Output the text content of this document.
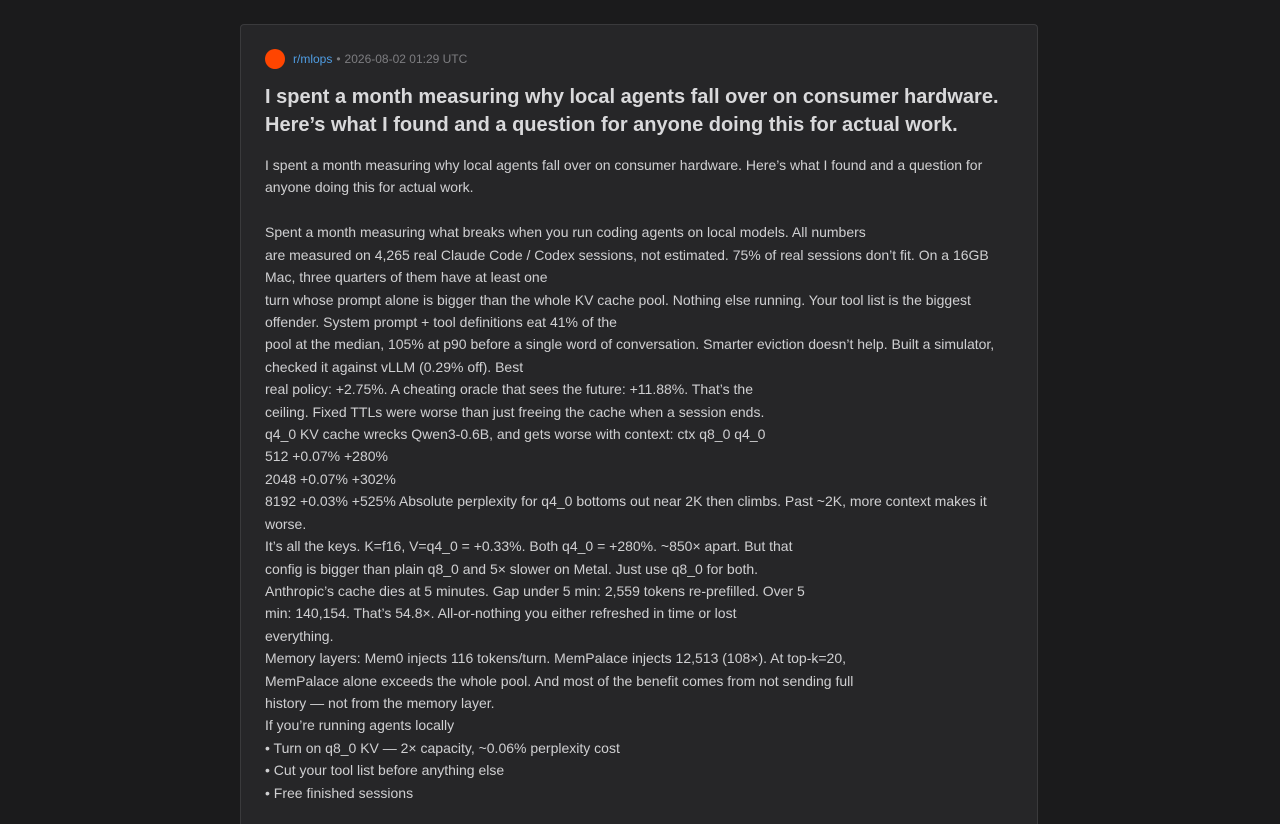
r/mlops • 2026-08-02 01:29 UTC
I spent a month measuring why local agents fall over on consumer hardware. Here’s what I found and a question for anyone doing this for actual work.

I spent a month measuring why local agents fall over on consumer hardware. Here’s what I found and a question for anyone doing this for actual work.

Spent a month measuring what breaks when you run coding agents on local models. All numbers

are measured on 4,265 real Claude Code / Codex sessions, not estimated. 75% of real sessions don’t fit. On a 16GB Mac, three quarters of them have at least one

turn whose prompt alone is bigger than the whole KV cache pool. Nothing else running. Your tool list is the biggest offender. System prompt + tool definitions eat 41% of the

pool at the median, 105% at p90 before a single word of conversation. Smarter eviction doesn’t help. Built a simulator, checked it against vLLM (0.29% off). Best

real policy: +2.75%. A cheating oracle that sees the future: +11.88%. That’s the

ceiling. Fixed TTLs were worse than just freeing the cache when a session ends.

q4_0 KV cache wrecks Qwen3-0.6B, and gets worse with context: ctx q8_0 q4_0

512 +0.07% +280%

2048 +0.07% +302%

8192 +0.03% +525% Absolute perplexity for q4_0 bottoms out near 2K then climbs. Past ~2K, more context makes it worse.

It’s all the keys. K=f16, V=q4_0 = +0.33%. Both q4_0 = +280%. ~850× apart. But that

config is bigger than plain q8_0 and 5× slower on Metal. Just use q8_0 for both.

Anthropic’s cache dies at 5 minutes. Gap under 5 min: 2,559 tokens re-prefilled. Over 5

min: 140,154. That’s 54.8×. All-or-nothing you either refreshed in time or lost

everything.

Memory layers: Mem0 injects 116 tokens/turn. MemPalace injects 12,513 (108×). At top-k=20,

MemPalace alone exceeds the whole pool. And most of the benefit comes from not sending full

history — not from the memory layer.

If you’re running agents locally

• Turn on q8_0 KV — 2× capacity, ~0.06% perplexity cost

• Cut your tool list before anything else

• Free finished sessions
